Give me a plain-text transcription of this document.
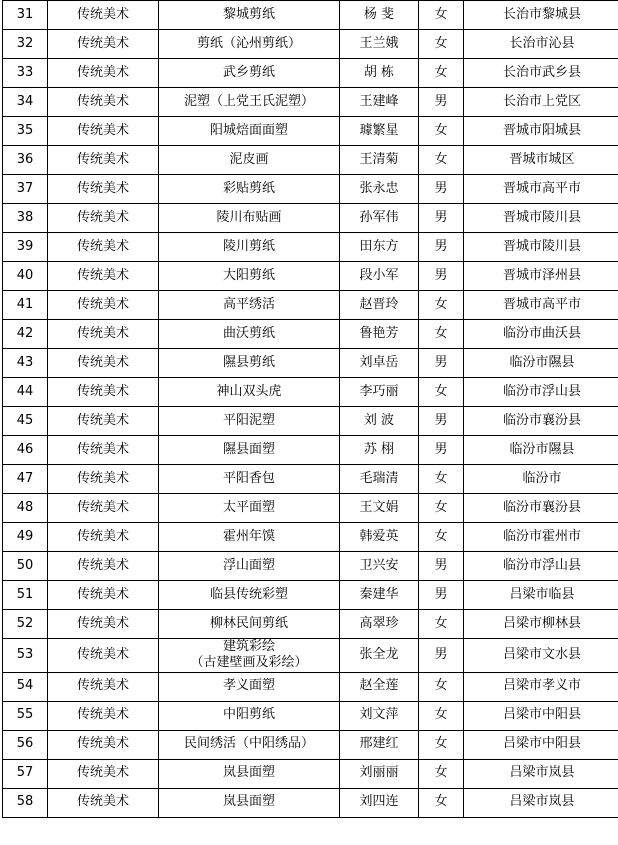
31	传统美术	黎城剪纸	杨 斐	女	长治市黎城县
32	传统美术	剪纸（沁州剪纸）	王兰娥	女	长治市沁县
33	传统美术	武乡剪纸	胡 栋	女	长治市武乡县
34	传统美术	泥塑（上党王氏泥塑）	王建峰	男	长治市上党区
35	传统美术	阳城焙面面塑	璩繁星	女	晋城市阳城县
36	传统美术	泥皮画	王清菊	女	晋城市城区
37	传统美术	彩贴剪纸	张永忠	男	晋城市高平市
38	传统美术	陵川布贴画	孙军伟	男	晋城市陵川县
39	传统美术	陵川剪纸	田东方	男	晋城市陵川县
40	传统美术	大阳剪纸	段小军	男	晋城市泽州县
41	传统美术	高平绣活	赵晋玲	女	晋城市高平市
42	传统美术	曲沃剪纸	鲁艳芳	女	临汾市曲沃县
43	传统美术	隰县剪纸	刘卓岳	男	临汾市隰县
44	传统美术	神山双头虎	李巧丽	女	临汾市浮山县
45	传统美术	平阳泥塑	刘 波	男	临汾市襄汾县
46	传统美术	隰县面塑	苏 栩	男	临汾市隰县
47	传统美术	平阳香包	毛瑞清	女	临汾市
48	传统美术	太平面塑	王文娟	女	临汾市襄汾县
49	传统美术	霍州年馍	韩爱英	女	临汾市霍州市
50	传统美术	浮山面塑	卫兴安	男	临汾市浮山县
51	传统美术	临县传统彩塑	秦建华	男	吕梁市临县
52	传统美术	柳林民间剪纸	高翠珍	女	吕梁市柳林县
53	传统美术	建筑彩绘
（古建壁画及彩绘）	张全龙	男	吕梁市文水县
54	传统美术	孝义面塑	赵全莲	女	吕梁市孝义市
55	传统美术	中阳剪纸	刘文萍	女	吕梁市中阳县
56	传统美术	民间绣活（中阳绣品）	邢建红	女	吕梁市中阳县
57	传统美术	岚县面塑	刘丽丽	女	吕梁市岚县
58	传统美术	岚县面塑	刘四连	女	吕梁市岚县
